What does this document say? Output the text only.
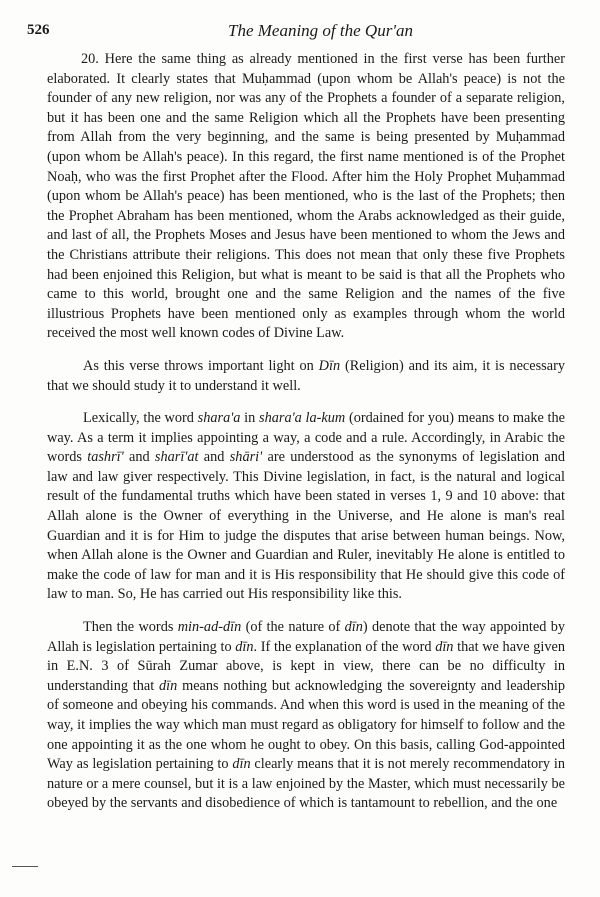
526	The Meaning of the Qur'an

20. Here the same thing as already mentioned in the first verse has been further elaborated. It clearly states that Muḥammad (upon whom be Allah's peace) is not the founder of any new religion, nor was any of the Prophets a founder of a separate religion, but it has been one and the same Religion which all the Prophets have been presenting from Allah from the very beginning, and the same is being presented by Muḥammad (upon whom be Allah's peace). In this regard, the first name mentioned is of the Prophet Noaḥ, who was the first Prophet after the Flood. After him the Holy Prophet Muḥammad (upon whom be Allah's peace) has been mentioned, who is the last of the Prophets; then the Prophet Abraham has been mentioned, whom the Arabs acknowledged as their guide, and last of all, the Prophets Moses and Jesus have been mentioned to whom the Jews and the Christians attribute their religions. This does not mean that only these five Prophets had been enjoined this Religion, but what is meant to be said is that all the Prophets who came to this world, brought one and the same Religion and the names of the five illustrious Prophets have been mentioned only as examples through whom the world received the most well known codes of Divine Law.

As this verse throws important light on Dīn (Religion) and its aim, it is necessary that we should study it to understand it well.

Lexically, the word shara'a in shara'a la-kum (ordained for you) means to make the way. As a term it implies appointing a way, a code and a rule. Accordingly, in Arabic the words tashrī' and sharī'at and shāri' are understood as the synonyms of legislation and law and law giver respectively. This Divine legislation, in fact, is the natural and logical result of the fundamental truths which have been stated in verses 1, 9 and 10 above: that Allah alone is the Owner of everything in the Universe, and He alone is man's real Guardian and it is for Him to judge the disputes that arise between human beings. Now, when Allah alone is the Owner and Guardian and Ruler, inevitably He alone is entitled to make the code of law for man and it is His responsibility that He should give this code of law to man. So, He has carried out His responsibility like this.

Then the words min-ad-dīn (of the nature of dīn) denote that the way appointed by Allah is legislation pertaining to dīn. If the explanation of the word dīn that we have given in E.N. 3 of Sūrah Zumar above, is kept in view, there can be no difficulty in understanding that dīn means nothing but acknowledging the sovereignty and leadership of someone and obeying his commands. And when this word is used in the meaning of the way, it implies the way which man must regard as obligatory for himself to follow and the one appointing it as the one whom he ought to obey. On this basis, calling God-appointed Way as legislation pertaining to dīn clearly means that it is not merely recommendatory in nature or a mere counsel, but it is a law enjoined by the Master, which must necessarily be obeyed by the servants and disobedience of which is tantamount to rebellion, and the one
